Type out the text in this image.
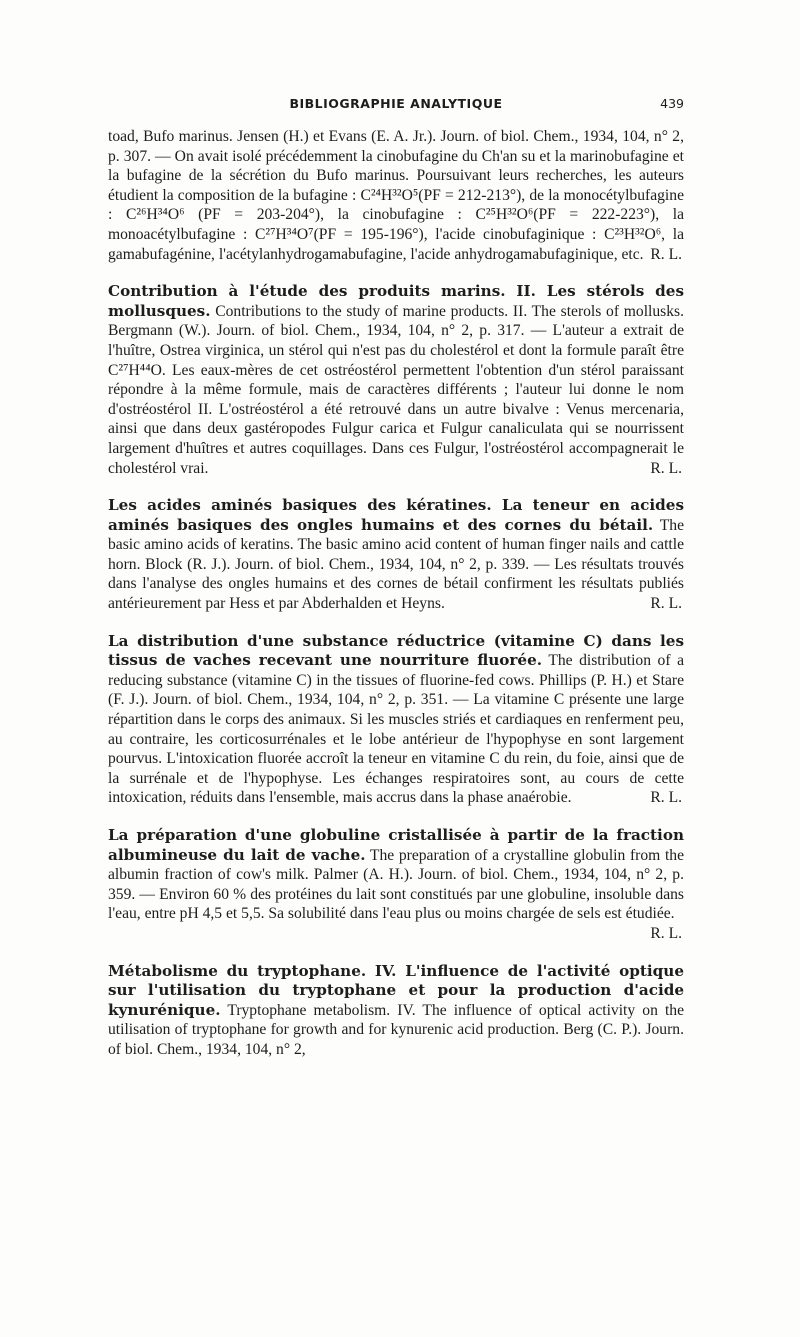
BIBLIOGRAPHIE ANALYTIQUE	439

toad, Bufo marinus. Jensen (H.) et Evans (E. A. Jr.). Journ. of biol. Chem., 1934, 104, n° 2, p. 307. — On avait isolé précédemment la cinobufagine du Ch'an su et la marinobufagine et la bufagine de la sécrétion du Bufo marinus. Poursuivant leurs recherches, les auteurs étudient la composition de la bufagine : C²⁴H³²O⁵(PF = 212-213°), de la monocétylbufagine : C²⁶H³⁴O⁶ (PF = 203-204°), la cinobufagine : C²⁵H³²O⁶(PF = 222-223°), la monoacétylbufagine : C²⁷H³⁴O⁷(PF = 195-196°), l'acide cinobufaginique : C²³H³²O⁶, la gamabufagénine, l'acétylanhydrogamabufagine, l'acide anhydrogamabufaginique, etc. R. L.

Contribution à l'étude des produits marins. II. Les stérols des mollusques. Contributions to the study of marine products. II. The sterols of mollusks. Bergmann (W.). Journ. of biol. Chem., 1934, 104, n° 2, p. 317. — L'auteur a extrait de l'huître, Ostrea virginica, un stérol qui n'est pas du cholestérol et dont la formule paraît être C²⁷H⁴⁴O. Les eaux-mères de cet ostréostérol permettent l'obtention d'un stérol paraissant répondre à la même formule, mais de caractères différents ; l'auteur lui donne le nom d'ostréostérol II. L'ostréostérol a été retrouvé dans un autre bivalve : Venus mercenaria, ainsi que dans deux gastéropodes Fulgur carica et Fulgur canaliculata qui se nourrissent largement d'huîtres et autres coquillages. Dans ces Fulgur, l'ostréostérol accompagnerait le cholestérol vrai.	R. L.

Les acides aminés basiques des kératines. La teneur en acides aminés basiques des ongles humains et des cornes du bétail. The basic amino acids of keratins. The basic amino acid content of human finger nails and cattle horn. Block (R. J.). Journ. of biol. Chem., 1934, 104, n° 2, p. 339. — Les résultats trouvés dans l'analyse des ongles humains et des cornes de bétail confirment les résultats publiés antérieurement par Hess et par Abderhalden et Heyns.	R. L.

La distribution d'une substance réductrice (vitamine C) dans les tissus de vaches recevant une nourriture fluorée. The distribution of a reducing substance (vitamine C) in the tissues of fluorine-fed cows. Phillips (P. H.) et Stare (F. J.). Journ. of biol. Chem., 1934, 104, n° 2, p. 351. — La vitamine C présente une large répartition dans le corps des animaux. Si les muscles striés et cardiaques en renferment peu, au contraire, les corticosurrénales et le lobe antérieur de l'hypophyse en sont largement pourvus. L'intoxication fluorée accroît la teneur en vitamine C du rein, du foie, ainsi que de la surrénale et de l'hypophyse. Les échanges respiratoires sont, au cours de cette intoxication, réduits dans l'ensemble, mais accrus dans la phase anaérobie.	R. L.

La préparation d'une globuline cristallisée à partir de la fraction albumineuse du lait de vache. The preparation of a crystalline globulin from the albumin fraction of cow's milk. Palmer (A. H.). Journ. of biol. Chem., 1934, 104, n° 2, p. 359. — Environ 60 % des protéines du lait sont constitués par une globuline, insoluble dans l'eau, entre pH 4,5 et 5,5. Sa solubilité dans l'eau plus ou moins chargée de sels est étudiée.
R. L.

Métabolisme du tryptophane. IV. L'influence de l'activité optique sur l'utilisation du tryptophane et pour la production d'acide kynurénique. Tryptophane metabolism. IV. The influence of optical activity on the utilisation of tryptophane for growth and for kynurenic acid production. Berg (C. P.). Journ. of biol. Chem., 1934, 104, n° 2,
